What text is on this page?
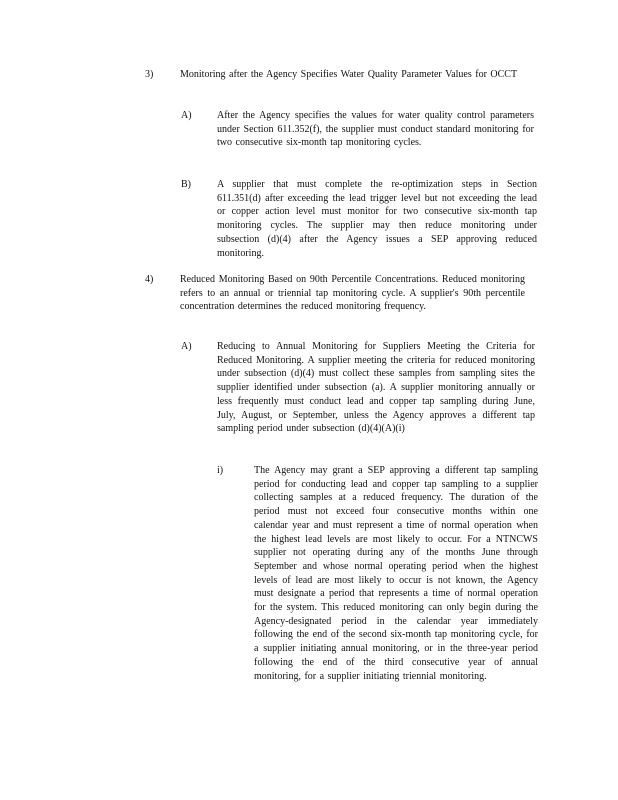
3)	Monitoring after the Agency Specifies Water Quality Parameter Values for OCCT
A)	After the Agency specifies the values for water quality control parameters under Section 611.352(f), the supplier must conduct standard monitoring for two consecutive six-month tap monitoring cycles.
B)	A supplier that must complete the re-optimization steps in Section 611.351(d) after exceeding the lead trigger level but not exceeding the lead or copper action level must monitor for two consecutive six-month tap monitoring cycles. The supplier may then reduce monitoring under subsection (d)(4) after the Agency issues a SEP approving reduced monitoring.
4)	Reduced Monitoring Based on 90th Percentile Concentrations. Reduced monitoring refers to an annual or triennial tap monitoring cycle. A supplier's 90th percentile concentration determines the reduced monitoring frequency.
A)	Reducing to Annual Monitoring for Suppliers Meeting the Criteria for Reduced Monitoring. A supplier meeting the criteria for reduced monitoring under subsection (d)(4) must collect these samples from sampling sites the supplier identified under subsection (a). A supplier monitoring annually or less frequently must conduct lead and copper tap sampling during June, July, August, or September, unless the Agency approves a different tap sampling period under subsection (d)(4)(A)(i)
i)	The Agency may grant a SEP approving a different tap sampling period for conducting lead and copper tap sampling to a supplier collecting samples at a reduced frequency. The duration of the period must not exceed four consecutive months within one calendar year and must represent a time of normal operation when the highest lead levels are most likely to occur. For a NTNCWS supplier not operating during any of the months June through September and whose normal operating period when the highest levels of lead are most likely to occur is not known, the Agency must designate a period that represents a time of normal operation for the system. This reduced monitoring can only begin during the Agency-designated period in the calendar year immediately following the end of the second six-month tap monitoring cycle, for a supplier initiating annual monitoring, or in the three-year period following the end of the third consecutive year of annual monitoring, for a supplier initiating triennial monitoring.
